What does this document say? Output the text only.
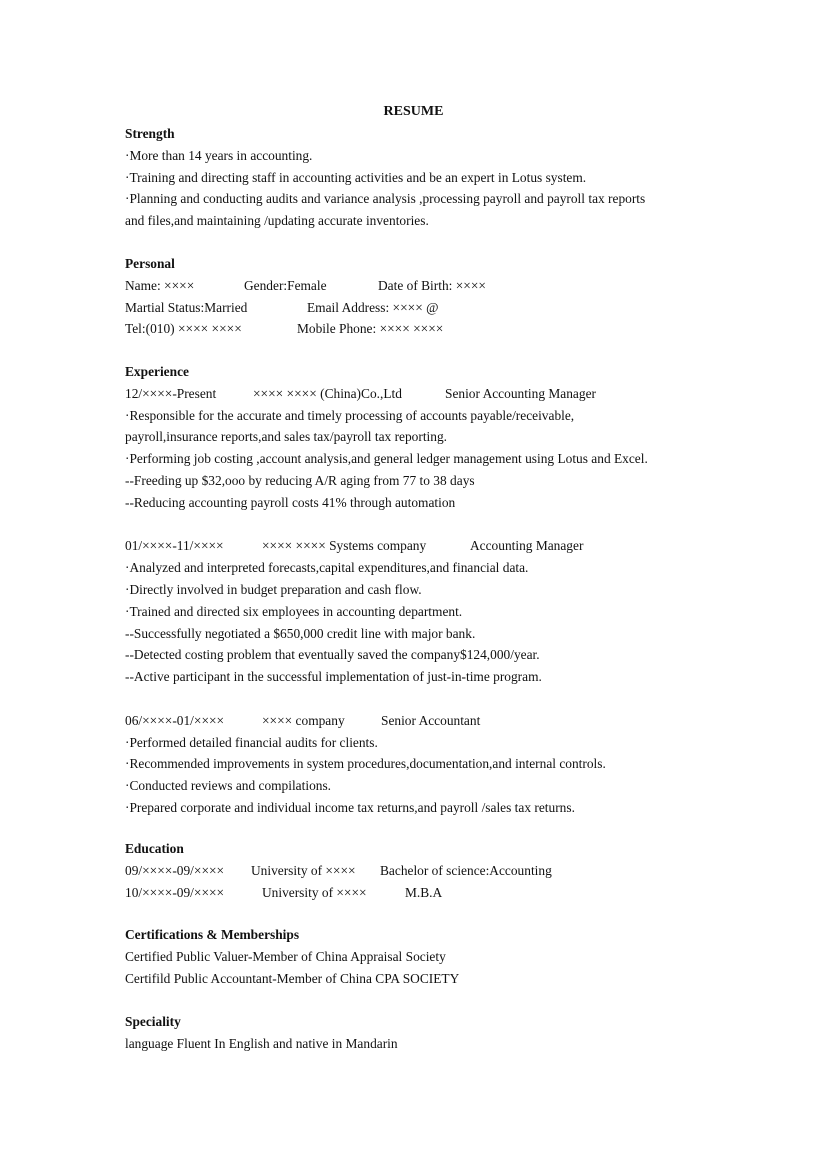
RESUME
Strength
·More than 14 years in accounting.
·Training and directing staff in accounting activities and be an expert in Lotus system.
·Planning and conducting audits and variance analysis ,processing payroll and payroll tax reports
and files,and maintaining /updating accurate inventories.
Personal
Name: ××××	Gender:Female	Date of Birth: ××××
Martial Status:Married	Email Address: ×××× @
Tel:(010) ×××× ××××	Mobile Phone: ×××× ××××
Experience
12/××××-Present	×××× ×××× (China)Co.,Ltd	Senior Accounting Manager
·Responsible for the accurate and timely processing of accounts payable/receivable,
payroll,insurance reports,and sales tax/payroll tax reporting.
·Performing job costing ,account analysis,and general ledger management using Lotus and Excel.
--Freeding up $32,ooo by reducing A/R aging from 77 to 38 days
--Reducing accounting payroll costs 41% through automation
01/××××-11/××××	×××× ×××× Systems company	Accounting Manager
·Analyzed and interpreted forecasts,capital expenditures,and financial data.
·Directly involved in budget preparation and cash flow.
·Trained and directed six employees in accounting department.
--Successfully negotiated a $650,000 credit line with major bank.
--Detected costing problem that eventually saved the company$124,000/year.
--Active participant in the successful implementation of just-in-time program.
06/××××-01/××××	×××× company	Senior Accountant
·Performed detailed financial audits for clients.
·Recommended improvements in system procedures,documentation,and internal controls.
·Conducted reviews and compilations.
·Prepared corporate and individual income tax returns,and payroll /sales tax returns.
Education
09/××××-09/×××× University of ×××× Bachelor of science:Accounting
10/××××-09/××××	University of ××××	M.B.A
Certifications & Memberships
Certified Public Valuer-Member of China Appraisal Society
Certifild Public Accountant-Member of China CPA SOCIETY
Speciality
language Fluent In English and native in Mandarin
